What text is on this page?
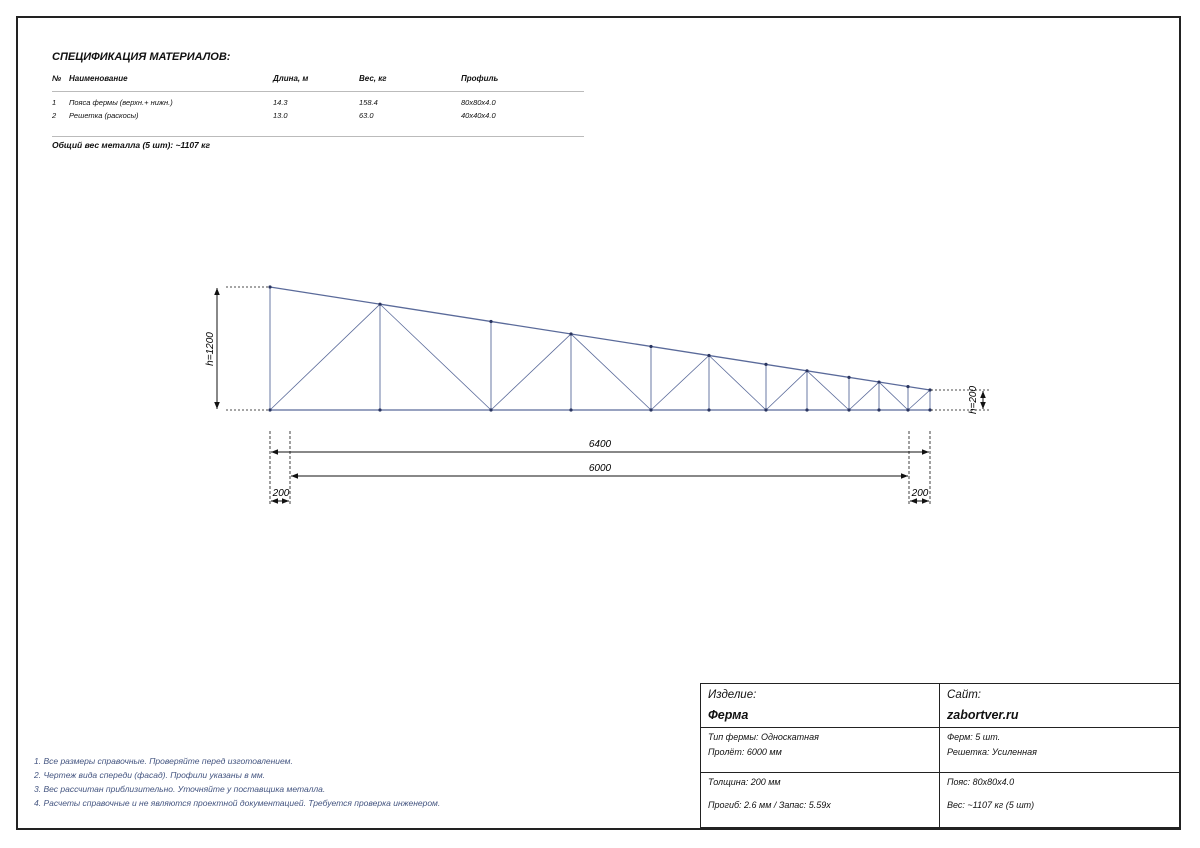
СПЕЦИФИКАЦИЯ МАТЕРИАЛОВ:
№ Наименование	Длина, м	Вес, кг	Профиль
1 Пояса фермы (верхн.+ нижн.)	14.3	158.4	80x80x4.0
2 Решетка (раскосы)	13.0	63.0	40x40x4.0
Общий вес металла (5 шт): ~1107 кг
h=1200
h=200
6400
6000
200	200
1. Все размеры справочные. Проверяйте перед изготовлением.
2. Чертеж вида спереди (фасад). Профили указаны в мм.
3. Вес рассчитан приблизительно. Уточняйте у поставщика металла.
4. Расчеты справочные и не являются проектной документацией. Требуется проверка инженером.
Изделие:
Ферма
Сайт:
zabortver.ru
Тип фермы: Односкатная
Пролёт: 6000 мм
Ферм: 5 шт.
Решетка: Усиленная
Толщина: 200 мм
Прогиб: 2.6 мм / Запас: 5.59x
Пояс: 80x80x4.0
Вес: ~1107 кг (5 шт)
